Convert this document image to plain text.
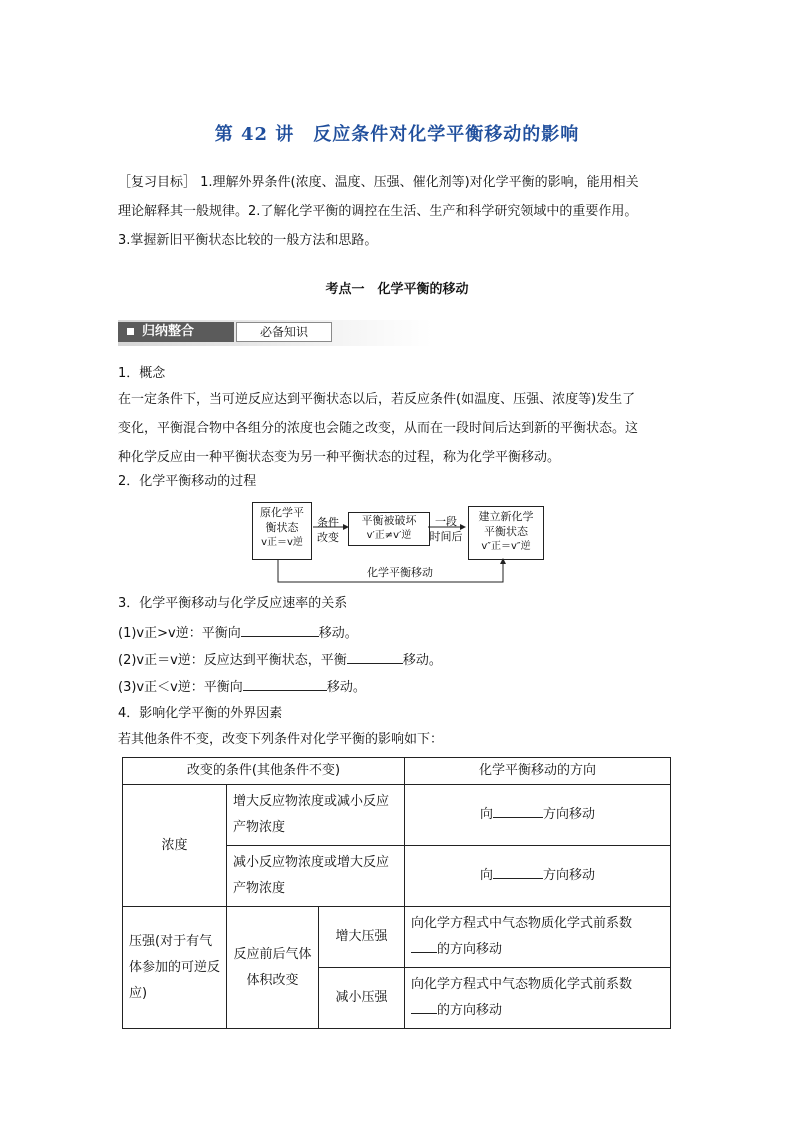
第 42 讲　反应条件对化学平衡移动的影响
［复习目标］ 1.理解外界条件(浓度、温度、压强、催化剂等)对化学平衡的影响，能用相关
理论解释其一般规律。2.了解化学平衡的调控在生活、生产和科学研究领域中的重要作用。
3.掌握新旧平衡状态比较的一般方法和思路。
考点一　化学平衡的移动
归纳整合	必备知识
1．概念
在一定条件下，当可逆反应达到平衡状态以后，若反应条件(如温度、压强、浓度等)发生了
变化，平衡混合物中各组分的浓度也会随之改变，从而在一段时间后达到新的平衡状态。这
种化学反应由一种平衡状态变为另一种平衡状态的过程，称为化学平衡移动。
2．化学平衡移动的过程
原化学平
衡状态
v正＝v逆
条件
改变
平衡被破坏
v′正≠v′逆
一段
时间后
建立新化学
平衡状态
v″正＝v″逆
化学平衡移动
3．化学平衡移动与化学反应速率的关系
(1)v正>v逆：平衡向	移动。
(2)v正＝v逆：反应达到平衡状态，平衡	移动。
(3)v正＜v逆：平衡向	移动。
4．影响化学平衡的外界因素
若其他条件不变，改变下列条件对化学平衡的影响如下：
改变的条件(其他条件不变)			化学平衡移动的方向
浓度	增大反应物浓度或减小反应产物浓度		向 方向移动
	减小反应物浓度或增大反应产物浓度		向 方向移动
压强(对于有气体参加的可逆反应)	反应前后气体体积改变	增大压强	向化学方程式中气态物质化学式前系数
的方向移动
		减小压强	向化学方程式中气态物质化学式前系数
的方向移动
